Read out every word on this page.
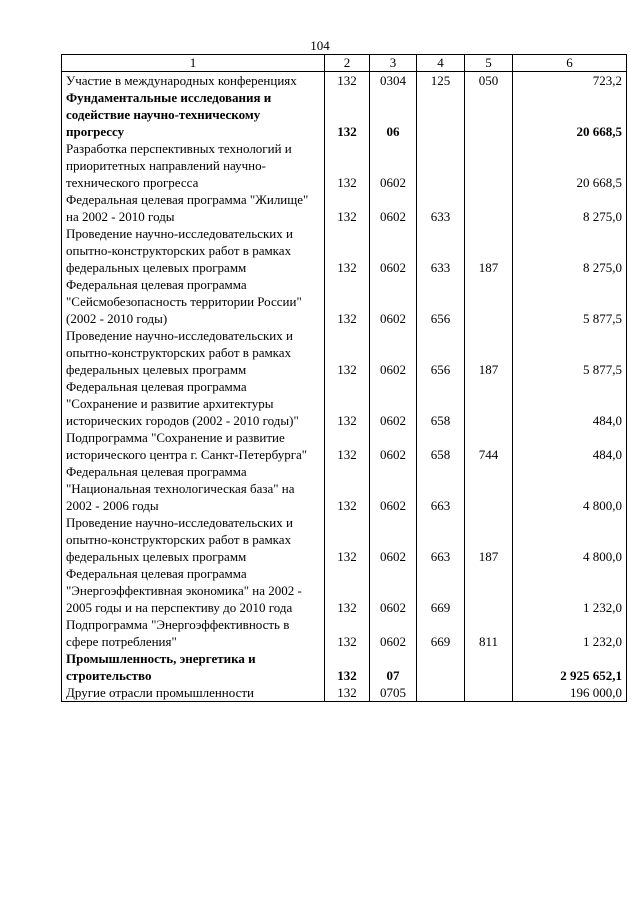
104
1	2	3	4	5	6
Участие в международных конференциях	132	0304	125	050	723,2
Фундаментальные исследования и содействие научно-техническому прогрессу	132	06			20 668,5
Разработка перспективных технологий и приоритетных направлений научно-технического прогресса	132	0602			20 668,5
Федеральная целевая программа "Жилище" на 2002 - 2010 годы	132	0602	633		8 275,0
Проведение научно-исследовательских и опытно-конструкторских работ в рамках федеральных целевых программ	132	0602	633	187	8 275,0
Федеральная целевая программа "Сейсмобезопасность территории России" (2002 - 2010 годы)	132	0602	656		5 877,5
Проведение научно-исследовательских и опытно-конструкторских работ в рамках федеральных целевых программ	132	0602	656	187	5 877,5
Федеральная целевая программа "Сохранение и развитие архитектуры исторических городов (2002 - 2010 годы)"	132	0602	658		484,0
Подпрограмма "Сохранение и развитие исторического центра г. Санкт-Петербурга"	132	0602	658	744	484,0
Федеральная целевая программа "Национальная технологическая база" на 2002 - 2006 годы	132	0602	663		4 800,0
Проведение научно-исследовательских и опытно-конструкторских работ в рамках федеральных целевых программ	132	0602	663	187	4 800,0
Федеральная целевая программа "Энергоэффективная экономика" на 2002 - 2005 годы и на перспективу до 2010 года	132	0602	669		1 232,0
Подпрограмма "Энергоэффективность в сфере потребления"	132	0602	669	811	1 232,0
Промышленность, энергетика и строительство	132	07			2 925 652,1
Другие отрасли промышленности	132	0705			196 000,0
